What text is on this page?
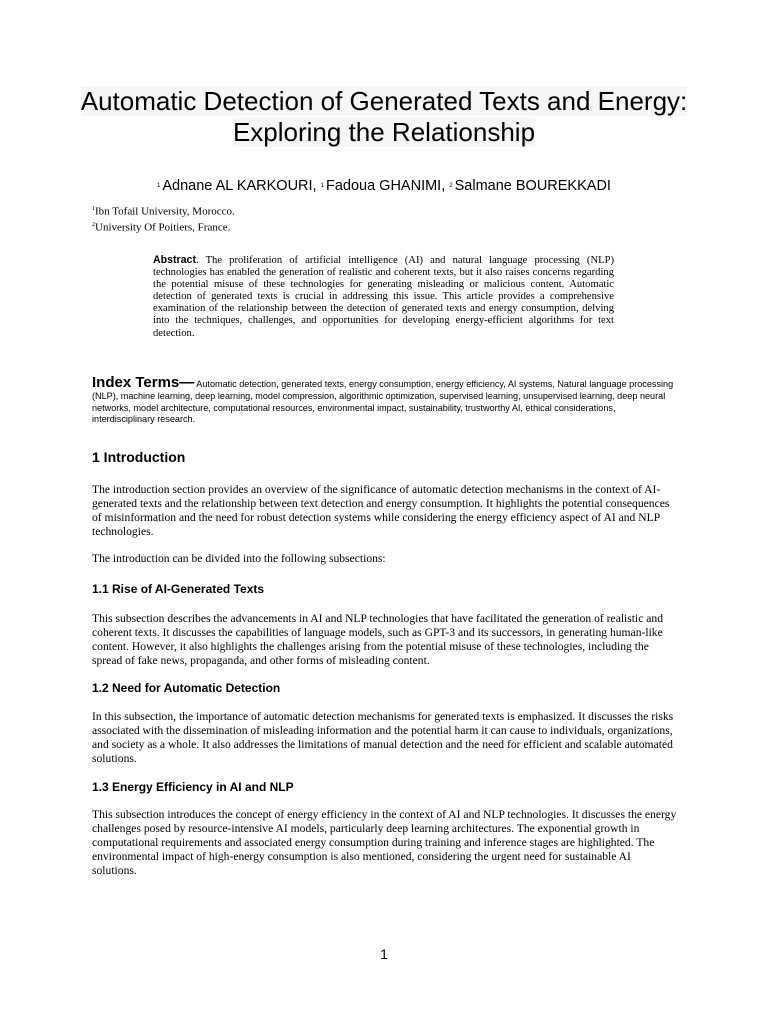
Automatic Detection of Generated Texts and Energy: Exploring the Relationship
$^1$ Adnane AL KARKOURI, $^1$ Fadoua GHANIMI, $^2$ Salmane BOUREKKADI
$^1$Ibn Tofail University, Morocco.
$^2$University Of Poitiers, France.
Abstract. The proliferation of artificial intelligence (AI) and natural language processing (NLP) technologies has enabled the generation of realistic and coherent texts, but it also raises concerns regarding the potential misuse of these technologies for generating misleading or malicious content. Automatic detection of generated texts is crucial in addressing this issue. This article provides a comprehensive examination of the relationship between the detection of generated texts and energy consumption, delving into the techniques, challenges, and opportunities for developing energy-efficient algorithms for text detection.
Index Terms— Automatic detection, generated texts, energy consumption, energy efficiency, AI systems, Natural language processing (NLP), machine learning, deep learning, model compression, algorithmic optimization, supervised learning, unsupervised learning, deep neural networks, model architecture, computational resources, environmental impact, sustainability, trustworthy AI, ethical considerations, interdisciplinary research.
1 Introduction

The introduction section provides an overview of the significance of automatic detection mechanisms in the context of AI-generated texts and the relationship between text detection and energy consumption. It highlights the potential consequences of misinformation and the need for robust detection systems while considering the energy efficiency aspect of AI and NLP technologies.

The introduction can be divided into the following subsections:

1.1 Rise of AI-Generated Texts

This subsection describes the advancements in AI and NLP technologies that have facilitated the generation of realistic and coherent texts. It discusses the capabilities of language models, such as GPT-3 and its successors, in generating human-like content. However, it also highlights the challenges arising from the potential misuse of these technologies, including the spread of fake news, propaganda, and other forms of misleading content.

1.2 Need for Automatic Detection

In this subsection, the importance of automatic detection mechanisms for generated texts is emphasized. It discusses the risks associated with the dissemination of misleading information and the potential harm it can cause to individuals, organizations, and society as a whole. It also addresses the limitations of manual detection and the need for efficient and scalable automated solutions.

1.3 Energy Efficiency in AI and NLP

This subsection introduces the concept of energy efficiency in the context of AI and NLP technologies. It discusses the energy challenges posed by resource-intensive AI models, particularly deep learning architectures. The exponential growth in computational requirements and associated energy consumption during training and inference stages are highlighted. The environmental impact of high-energy consumption is also mentioned, considering the urgent need for sustainable AI solutions.

1
